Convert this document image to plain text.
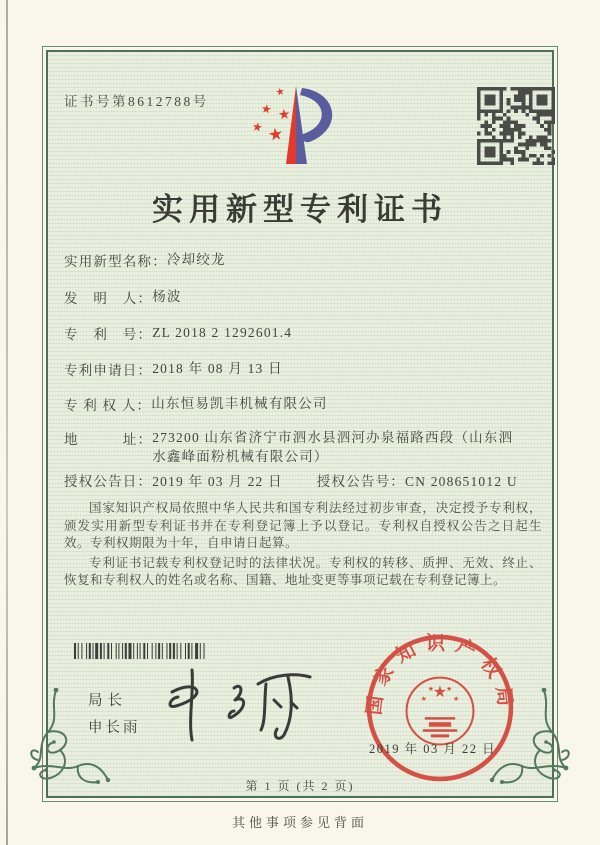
证书号第8612788号
★
★ ★
★ ★
实用新型专利证书
实用新型名称：冷却绞龙
发　明　人：杨波
专　利　号：ZL 2018 2 1292601.4
专利申请日：2018 年 08 月 13 日
专 利 权 人：山东恒易凯丰机械有限公司
地　　　址：273200 山东省济宁市泗水县泗河办泉福路西段（山东泗水鑫峰面粉机械有限公司）
授权公告日：2019 年 03 月 22 日	授权公告号：CN 208651012 U

国家知识产权局依照中华人民共和国专利法经过初步审查，决定授予专利权，颁发实用新型专利证书并在专利登记簿上予以登记。专利权自授权公告之日起生效。专利权期限为十年，自申请日起算。

专利证书记载专利权登记时的法律状况。专利权的转移、质押、无效、终止、恢复和专利权人的姓名或名称、国籍、地址变更等事项记载在专利登记簿上。

局长
申长雨
国家知识产权局
★
★
★ ★
★
2019 年 03 月 22 日
第 1 页 (共 2 页)
其他事项参见背面
